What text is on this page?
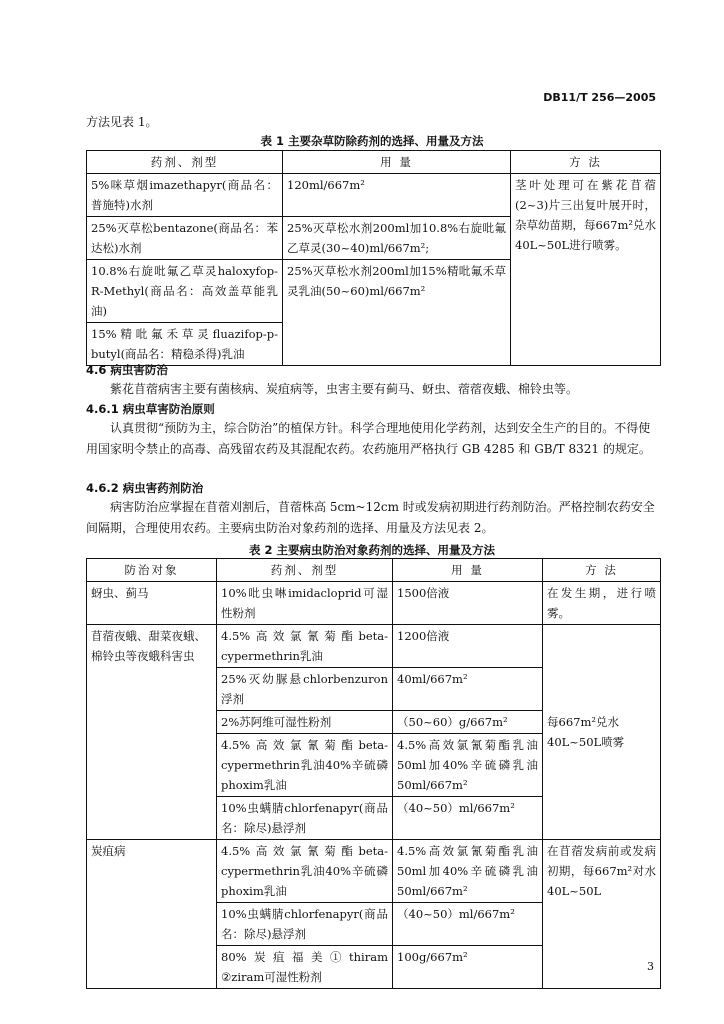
DB11/T 256—2005
方法见表 1。
表 1 主要杂草防除药剂的选择、用量及方法
药剂、剂型	用 量	方 法
5%咪草烟imazethapyr(商品名：普施特)水剂	120ml/667m²	茎叶处理可在紫花苜蓿(2~3)片三出复叶展开时，杂草幼苗期，每667m²兑水40L~50L进行喷雾。
25%灭草松bentazone(商品名：苯达松)水剂	25%灭草松水剂200ml加10.8%右旋吡氟乙草灵(30~40)ml/667m²;	
10.8%右旋吡氟乙草灵haloxyfop-R-Methyl(商品名：高效盖草能乳油)	25%灭草松水剂200ml加15%精吡氟禾草灵乳油(50~60)ml/667m²	
15%精吡氟禾草灵fluazifop-p-butyl(商品名：精稳杀得)乳油		
4.6 病虫害防治
紫花苜蓿病害主要有菌核病、炭疽病等，虫害主要有蓟马、蚜虫、蓿蓿夜蛾、棉铃虫等。
4.6.1 病虫草害防治原则
认真贯彻“预防为主，综合防治”的植保方针。科学合理地使用化学药剂，达到安全生产的目的。不得使用国家明令禁止的高毒、高残留农药及其混配农药。农药施用严格执行 GB 4285 和 GB/T 8321 的规定。
4.6.2 病虫害药剂防治
病害防治应掌握在苜蓿刈割后，苜蓿株高 5cm~12cm 时或发病初期进行药剂防治。严格控制农药安全间隔期，合理使用农药。主要病虫防治对象药剂的选择、用量及方法见表 2。
表 2 主要病虫防治对象药剂的选择、用量及方法
防治对象	药剂、剂型	用 量	方 法
蚜虫、蓟马	10%吡虫啉imidacloprid可湿性粉剂	1500倍液	在发生期，进行喷雾。
苜蓿夜蛾、甜菜夜蛾、棉铃虫等夜蛾科害虫	4.5%高效氯氰菊酯beta-cypermethrin乳油	1200倍液	每667m²兑水40L~50L喷雾
	25%灭幼脲悬chlorbenzuron浮剂	40ml/667m²	
	2%苏阿维可湿性粉剂	（50~60）g/667m²	
	4.5%高效氯氰菊酯beta-cypermethrin乳油40%辛硫磷phoxim乳油	4.5%高效氯氰菊酯乳油50ml加40%辛硫磷乳油50ml/667m²	
	10%虫螨腈chlorfenapyr(商品名：除尽)悬浮剂	（40~50）ml/667m²	
炭疽病	4.5%高效氯氰菊酯beta-cypermethrin乳油40%辛硫磷phoxim乳油	4.5%高效氯氰菊酯乳油50ml加40%辛硫磷乳油50ml/667m²	在苜蓿发病前或发病初期，每667m²对水40L~50L
	10%虫螨腈chlorfenapyr(商品名：除尽)悬浮剂	（40~50）ml/667m²	
	80%炭疽福美①thiram ②ziram可湿性粉剂	100g/667m²	
3
